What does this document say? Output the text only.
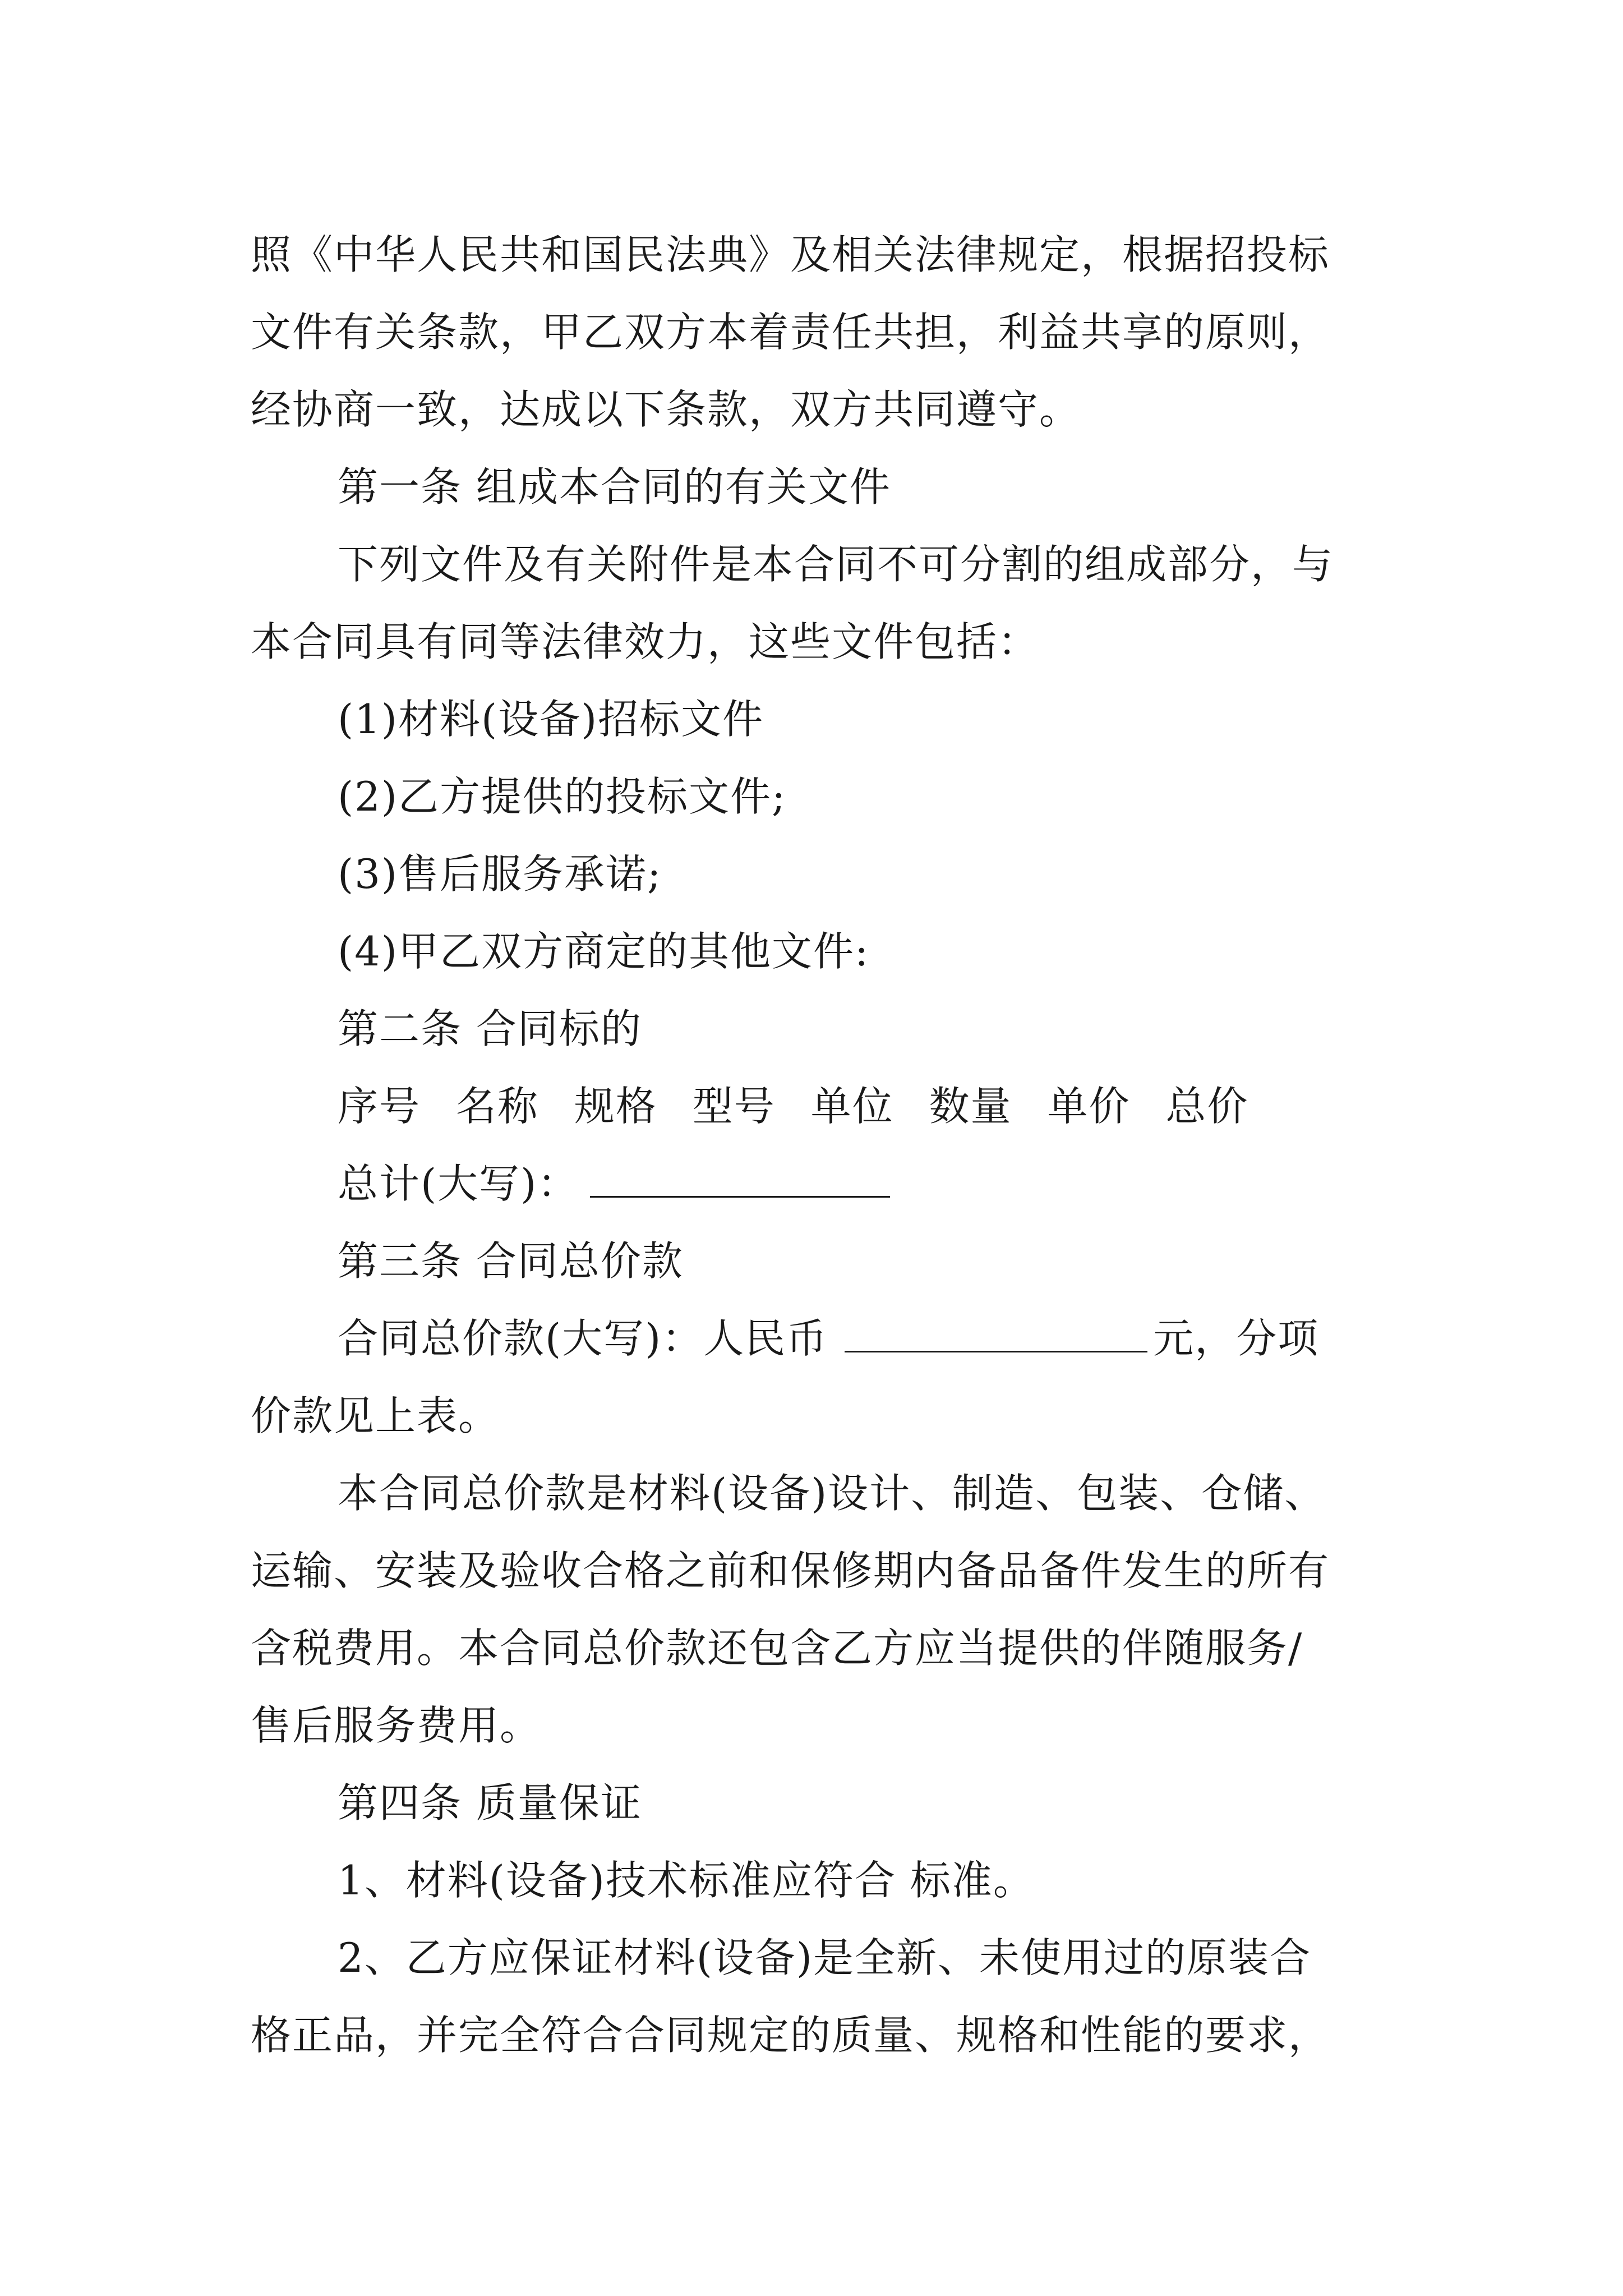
照《中华人民共和国民法典》及相关法律规定，根据招投标
文件有关条款，甲乙双方本着责任共担，利益共享的原则，
经协商一致，达成以下条款，双方共同遵守。
第一条 组成本合同的有关文件
下列文件及有关附件是本合同不可分割的组成部分，与
本合同具有同等法律效力，这些文件包括：
(1)材料(设备)招标文件
(2)乙方提供的投标文件;
(3)售后服务承诺;
(4)甲乙双方商定的其他文件:
第二条 合同标的
序号 名称 规格 型号 单位 数量 单价 总价
总计(大写)：
第三条 合同总价款
合同总价款(大写)：人民币	元，分项
价款见上表。
本合同总价款是材料(设备)设计、制造、包装、仓储、
运输、安装及验收合格之前和保修期内备品备件发生的所有
含税费用。本合同总价款还包含乙方应当提供的伴随服务/
售后服务费用。
第四条 质量保证
1、材料(设备)技术标准应符合 标准。
2、乙方应保证材料(设备)是全新、未使用过的原装合
格正品，并完全符合合同规定的质量、规格和性能的要求，
